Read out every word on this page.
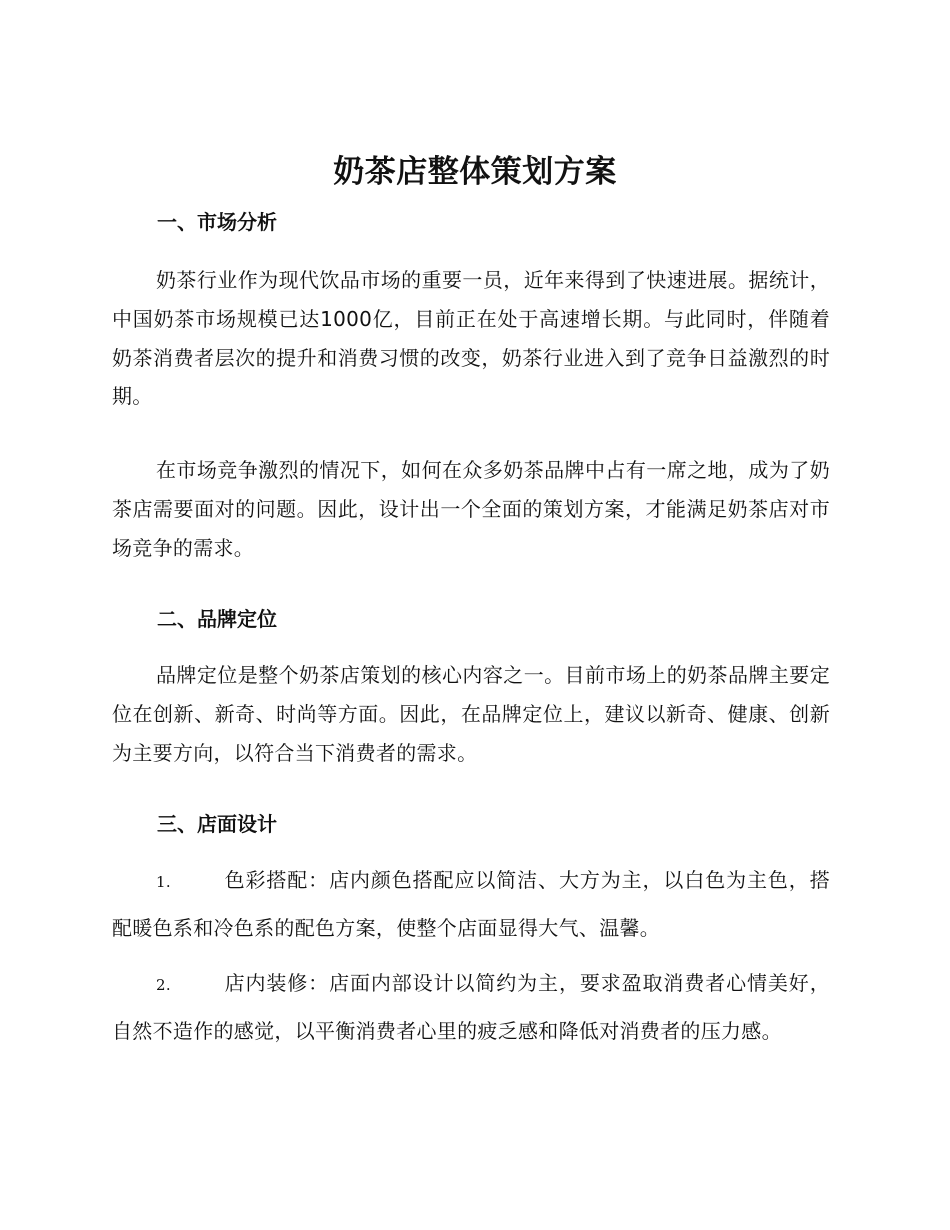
奶茶店整体策划方案
一、市场分析
奶茶行业作为现代饮品市场的重要一员，近年来得到了快速进展。据统计，中国奶茶市场规模已达1000亿，目前正在处于高速增长期。与此同时，伴随着奶茶消费者层次的提升和消费习惯的改变，奶茶行业进入到了竞争日益激烈的时期。
在市场竞争激烈的情况下，如何在众多奶茶品牌中占有一席之地，成为了奶茶店需要面对的问题。因此，设计出一个全面的策划方案，才能满足奶茶店对市场竞争的需求。
二、品牌定位
品牌定位是整个奶茶店策划的核心内容之一。目前市场上的奶茶品牌主要定位在创新、新奇、时尚等方面。因此，在品牌定位上，建议以新奇、健康、创新为主要方向，以符合当下消费者的需求。
三、店面设计
1.	色彩搭配：店内颜色搭配应以简洁、大方为主，以白色为主色，搭配暖色系和冷色系的配色方案，使整个店面显得大气、温馨。
2.	店内装修：店面内部设计以简约为主，要求盈取消费者心情美好，自然不造作的感觉，以平衡消费者心里的疲乏感和降低对消费者的压力感。
